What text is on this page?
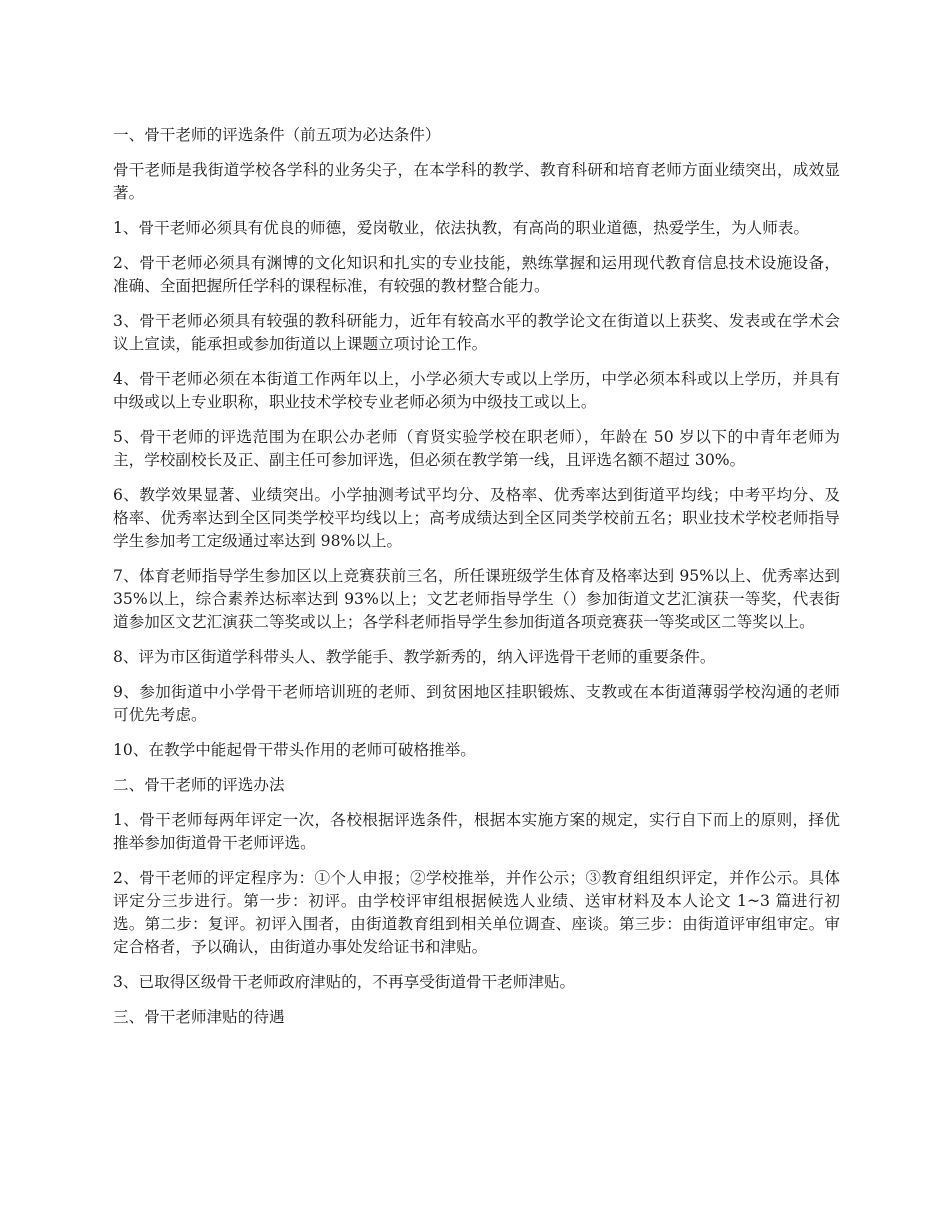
一、骨干老师的评选条件（前五项为必达条件）

骨干老师是我街道学校各学科的业务尖子，在本学科的教学、教育科研和培育老师方面业绩突出，成效显著。

1、骨干老师必须具有优良的师德，爱岗敬业，依法执教，有高尚的职业道德，热爱学生，为人师表。

2、骨干老师必须具有渊博的文化知识和扎实的专业技能，熟练掌握和运用现代教育信息技术设施设备，准确、全面把握所任学科的课程标准，有较强的教材整合能力。

3、骨干老师必须具有较强的教科研能力，近年有较高水平的教学论文在街道以上获奖、发表或在学术会议上宣读，能承担或参加街道以上课题立项讨论工作。

4、骨干老师必须在本街道工作两年以上，小学必须大专或以上学历，中学必须本科或以上学历，并具有中级或以上专业职称，职业技术学校专业老师必须为中级技工或以上。

5、骨干老师的评选范围为在职公办老师（育贤实验学校在职老师），年龄在 50 岁以下的中青年老师为主，学校副校长及正、副主任可参加评选，但必须在教学第一线，且评选名额不超过 30%。

6、教学效果显著、业绩突出。小学抽测考试平均分、及格率、优秀率达到街道平均线；中考平均分、及格率、优秀率达到全区同类学校平均线以上；高考成绩达到全区同类学校前五名；职业技术学校老师指导学生参加考工定级通过率达到 98%以上。

7、体育老师指导学生参加区以上竞赛获前三名，所任课班级学生体育及格率达到 95%以上、优秀率达到 35%以上，综合素养达标率达到 93%以上；文艺老师指导学生（）参加街道文艺汇演获一等奖，代表街道参加区文艺汇演获二等奖或以上；各学科老师指导学生参加街道各项竞赛获一等奖或区二等奖以上。

8、评为市区街道学科带头人、教学能手、教学新秀的，纳入评选骨干老师的重要条件。

9、参加街道中小学骨干老师培训班的老师、到贫困地区挂职锻炼、支教或在本街道薄弱学校沟通的老师可优先考虑。

10、在教学中能起骨干带头作用的老师可破格推举。

二、骨干老师的评选办法

1、骨干老师每两年评定一次，各校根据评选条件，根据本实施方案的规定，实行自下而上的原则，择优推举参加街道骨干老师评选。

2、骨干老师的评定程序为：①个人申报；②学校推举，并作公示；③教育组组织评定，并作公示。具体评定分三步进行。第一步：初评。由学校评审组根据候选人业绩、送审材料及本人论文 1~3 篇进行初选。第二步：复评。初评入围者，由街道教育组到相关单位调查、座谈。第三步：由街道评审组审定。审定合格者，予以确认，由街道办事处发给证书和津贴。

3、已取得区级骨干老师政府津贴的，不再享受街道骨干老师津贴。

三、骨干老师津贴的待遇
